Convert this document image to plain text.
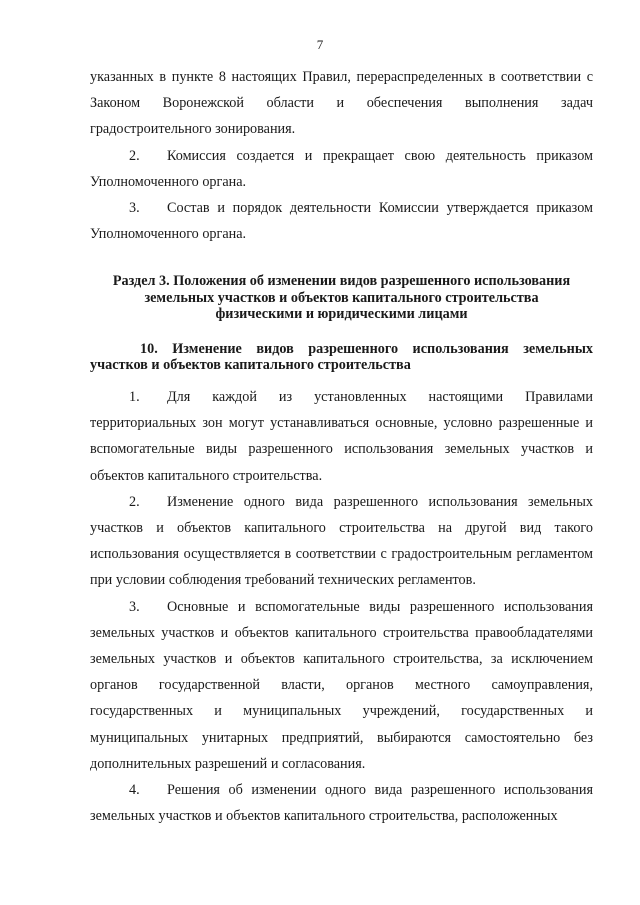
7

указанных в пункте 8 настоящих Правил, перераспределенных в соответствии с Законом Воронежской области и обеспечения выполнения задач градостроительного зонирования.

2. Комиссия создается и прекращает свою деятельность приказом Уполномоченного органа.

3. Состав и порядок деятельности Комиссии утверждается приказом Уполномоченного органа.

Раздел 3. Положения об изменении видов разрешенного использования земельных участков и объектов капитального строительства физическими и юридическими лицами

10. Изменение видов разрешенного использования земельных участков и объектов капитального строительства

1. Для каждой из установленных настоящими Правилами территориальных зон могут устанавливаться основные, условно разрешенные и вспомогательные виды разрешенного использования земельных участков и объектов капитального строительства.

2. Изменение одного вида разрешенного использования земельных участков и объектов капитального строительства на другой вид такого использования осуществляется в соответствии с градостроительным регламентом при условии соблюдения требований технических регламентов.

3. Основные и вспомогательные виды разрешенного использования земельных участков и объектов капитального строительства правообладателями земельных участков и объектов капитального строительства, за исключением органов государственной власти, органов местного самоуправления, государственных и муниципальных учреждений, государственных и муниципальных унитарных предприятий, выбираются самостоятельно без дополнительных разрешений и согласования.

4. Решения об изменении одного вида разрешенного использования земельных участков и объектов капитального строительства, расположенных
